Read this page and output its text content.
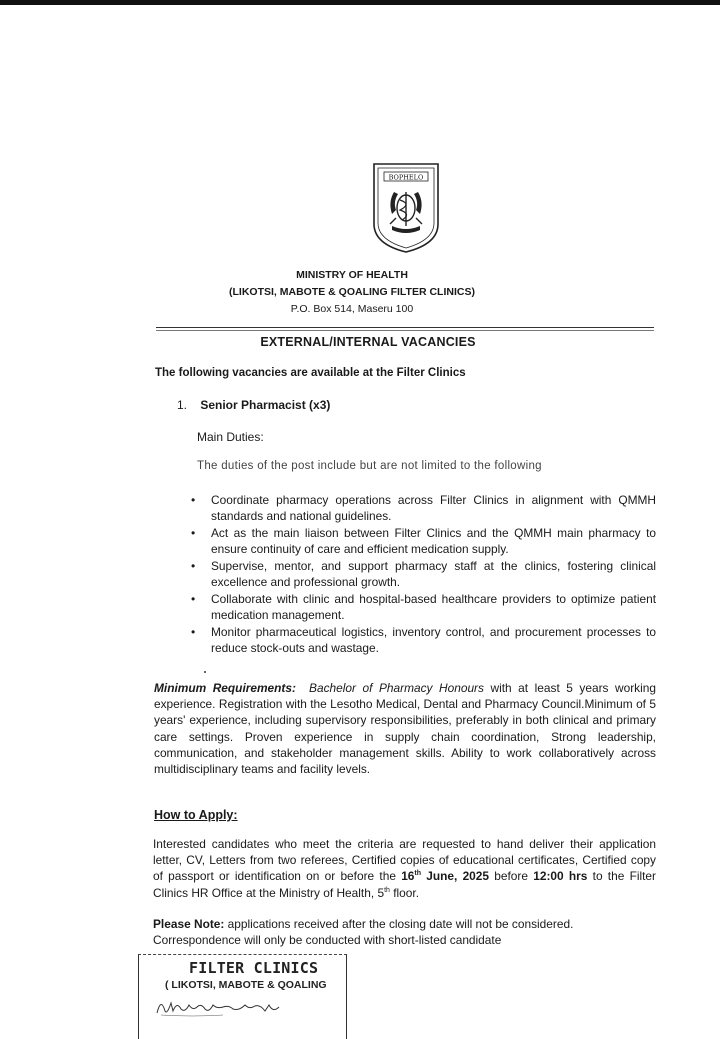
BOPHELO
MINISTRY OF HEALTH
(LIKOTSI, MABOTE & QOALING FILTER CLINICS)
P.O. Box 514, Maseru 100
EXTERNAL/INTERNAL VACANCIES
The following vacancies are available at the Filter Clinics
1. Senior Pharmacist (x3)
Main Duties:
The duties of the post include but are not limited to the following
• Coordinate pharmacy operations across Filter Clinics in alignment with QMMH standards and national guidelines.
• Act as the main liaison between Filter Clinics and the QMMH main pharmacy to ensure continuity of care and efficient medication supply.
• Supervise, mentor, and support pharmacy staff at the clinics, fostering clinical excellence and professional growth.
• Collaborate with clinic and hospital-based healthcare providers to optimize patient medication management.
• Monitor pharmaceutical logistics, inventory control, and procurement processes to reduce stock-outs and wastage.
Minimum Requirements: Bachelor of Pharmacy Honours with at least 5 years working experience. Registration with the Lesotho Medical, Dental and Pharmacy Council.Minimum of 5 years' experience, including supervisory responsibilities, preferably in both clinical and primary care settings. Proven experience in supply chain coordination, Strong leadership, communication, and stakeholder management skills. Ability to work collaboratively across multidisciplinary teams and facility levels.
How to Apply:
Interested candidates who meet the criteria are requested to hand deliver their application letter, CV, Letters from two referees, Certified copies of educational certificates, Certified copy of passport or identification on or before the 16th June, 2025 before 12:00 hrs to the Filter Clinics HR Office at the Ministry of Health, 5th floor.
Please Note: applications received after the closing date will not be considered. Correspondence will only be conducted with short-listed candidate
FILTER CLINICS
( LIKOTSI, MABOTE & QOALING
